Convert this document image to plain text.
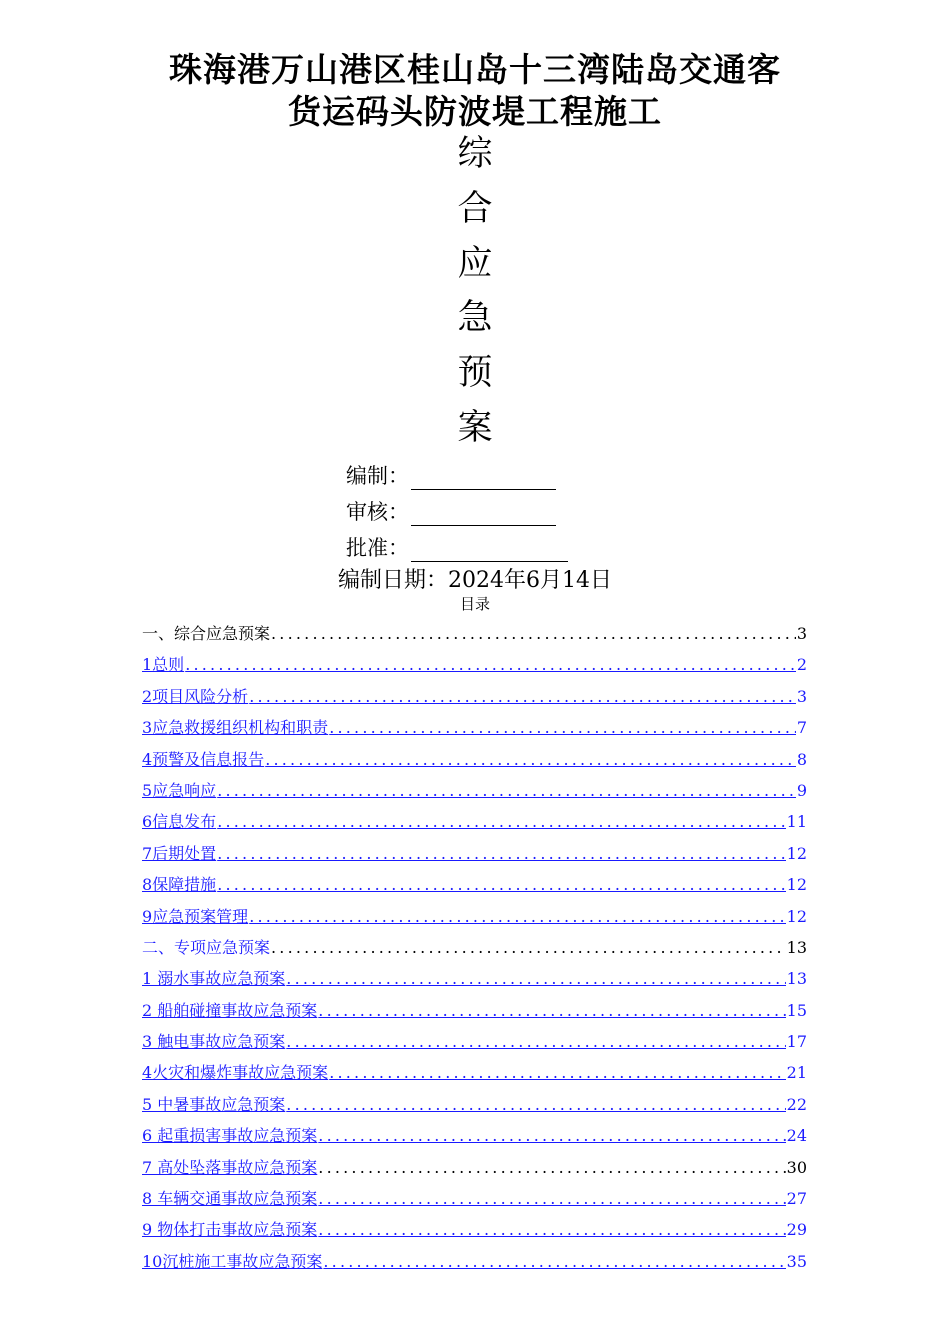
珠海港万山港区桂山岛十三湾陆岛交通客
货运码头防波堤工程施工
综
合
应
急
预
案
编制：
审核：
批准：
编制日期：2024年6月14日
目录
一、综合应急预案 .....	3
1总则 .....	2
2项目风险分析 .....	3
3应急救援组织机构和职责 .....	7
4预警及信息报告 .....	8
5应急响应 .....	9
6信息发布 .....	11
7后期处置 .....	12
8保障措施 .....	12
9应急预案管理 .....	12
二、专项应急预案 .....	13
1 溺水事故应急预案 .....	13
2 船舶碰撞事故应急预案 .....	15
3 触电事故应急预案 .....	17
4火灾和爆炸事故应急预案 .....	21
5 中暑事故应急预案 .....	22
6 起重损害事故应急预案 .....	24
7 高处坠落事故应急预案 .....	30
8 车辆交通事故应急预案 .....	27
9 物体打击事故应急预案 .....	29
10沉桩施工事故应急预案 .....	35
